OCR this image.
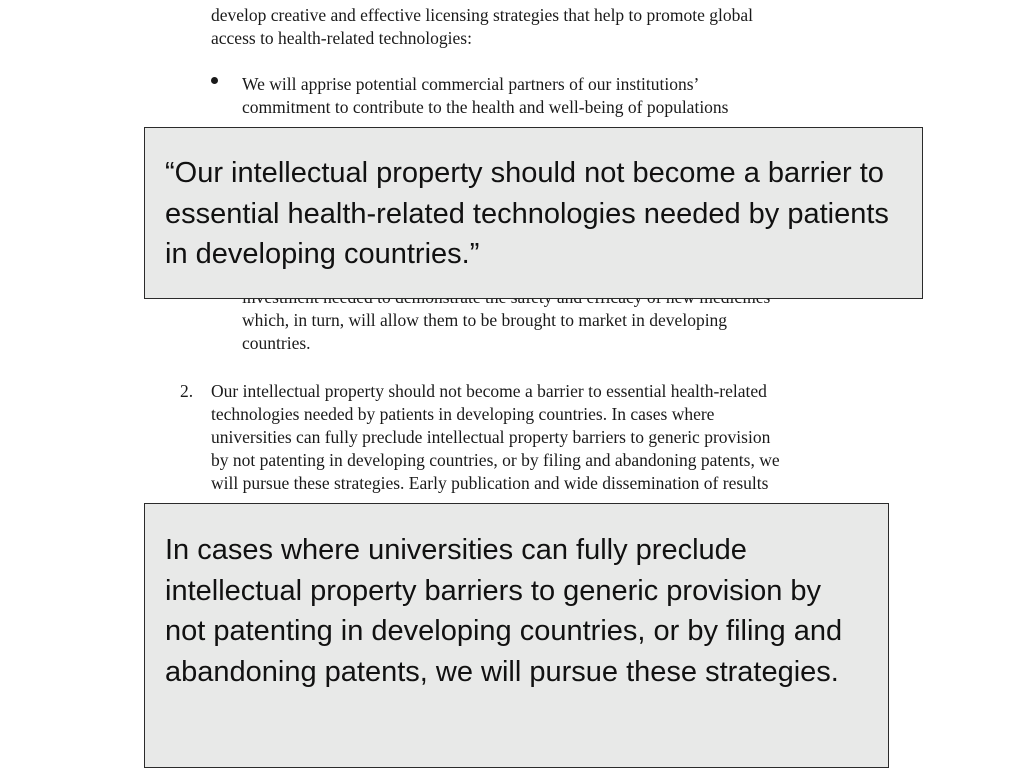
develop creative and effective licensing strategies that help to promote global
access to health-related technologies:
We will apprise potential commercial partners of our institutions’
commitment to contribute to the health and well-being of populations
which, in turn, will allow them to be brought to market in developing
countries.
2. Our intellectual property should not become a barrier to essential health-related
technologies needed by patients in developing countries. In cases where
universities can fully preclude intellectual property barriers to generic provision
by not patenting in developing countries, or by filing and abandoning patents, we
will pursue these strategies. Early publication and wide dissemination of results

“Our intellectual property should not become a barrier to essential health-related technologies needed by patients in developing countries.”

In cases where universities can fully preclude intellectual property barriers to generic provision by not patenting in developing countries, or by filing and abandoning patents, we will pursue these strategies.
